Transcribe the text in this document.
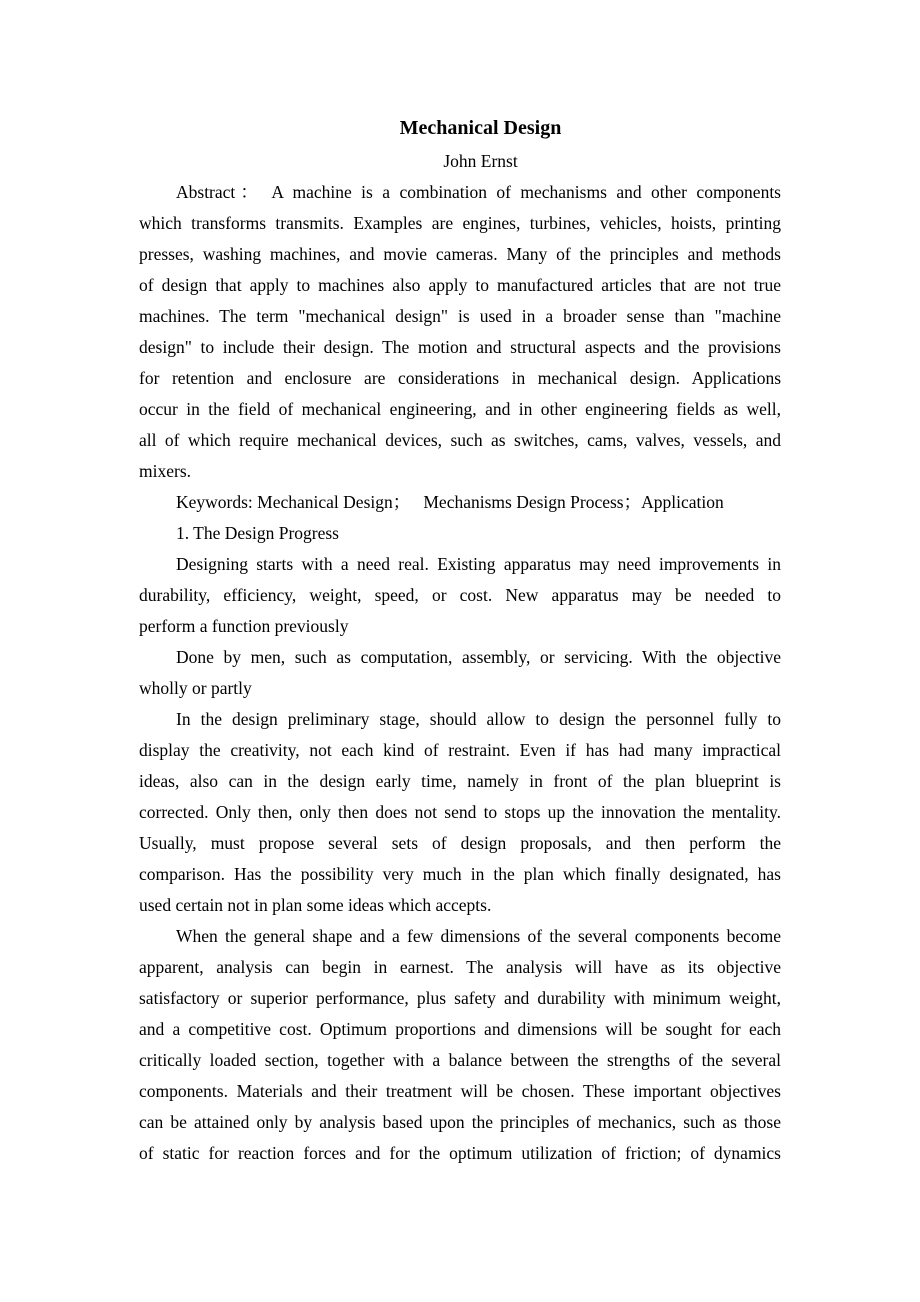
Mechanical Design
John Ernst
Abstract： A machine is a combination of mechanisms and other components
which transforms transmits. Examples are engines, turbines, vehicles, hoists, printing
presses, washing machines, and movie cameras. Many of the principles and methods
of design that apply to machines also apply to manufactured articles that are not true
machines. The term "mechanical design" is used in a broader sense than "machine
design" to include their design. The motion and structural aspects and the provisions
for retention and enclosure are considerations in mechanical design. Applications
occur in the field of mechanical engineering, and in other engineering fields as well,
all of which require mechanical devices, such as switches, cams, valves, vessels, and
mixers.
Keywords: Mechanical Design；   Mechanisms Design Process；Application
1. The Design Progress
Designing starts with a need real. Existing apparatus may need improvements in
durability, efficiency, weight, speed, or cost. New apparatus may be needed to
perform a function previously
Done by men, such as computation, assembly, or servicing. With the objective
wholly or partly
In the design preliminary stage, should allow to design the personnel fully to
display the creativity, not each kind of restraint. Even if has had many impractical
ideas, also can in the design early time, namely in front of the plan blueprint is
corrected. Only then, only then does not send to stops up the innovation the mentality.
Usually, must propose several sets of design proposals, and then perform the
comparison. Has the possibility very much in the plan which finally designated, has
used certain not in plan some ideas which accepts.
When the general shape and a few dimensions of the several components become
apparent, analysis can begin in earnest. The analysis will have as its objective
satisfactory or superior performance, plus safety and durability with minimum weight,
and a competitive cost. Optimum proportions and dimensions will be sought for each
critically loaded section, together with a balance between the strengths of the several
components. Materials and their treatment will be chosen. These important objectives
can be attained only by analysis based upon the principles of mechanics, such as those
of static for reaction forces and for the optimum utilization of friction; of dynamics
